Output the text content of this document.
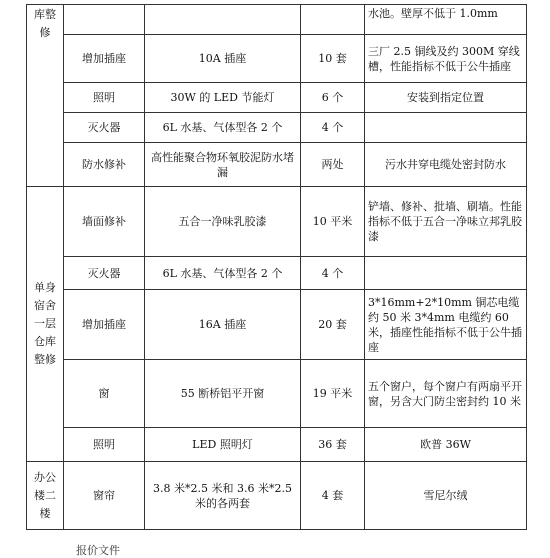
库整
修				水池。壁厚不低于 1.0mm
	增加插座	10A 插座	10 套	三厂 2.5 铜线及约 300M 穿线槽，性能指标不低于公牛插座
	照明	30W 的 LED 节能灯	6 个	安装到指定位置
	灭火器	6L 水基、气体型各 2 个	4 个	
	防水修补	高性能聚合物环氧胶泥防水堵漏	两处	污水井穿电缆处密封防水
单身
宿舍
一层
仓库
整修	墙面修补	五合一净味乳胶漆	10 平米	铲墙、修补、批墙、刷墙。性能指标不低于五合一净味立邦乳胶漆
	灭火器	6L 水基、气体型各 2 个	4 个	
	增加插座	16A 插座	20 套	3*16mm+2*10mm 铜芯电缆约 50 米 3*4mm 电缆约 60 米，插座性能指标不低于公牛插座
	窗	55 断桥铝平开窗	19 平米	五个窗户，每个窗户有两扇平开窗，另含大门防尘密封约 10 米
	照明	LED 照明灯	36 套	欧普 36W
办公
楼二
楼	窗帘	3.8 米*2.5 米和 3.6 米*2.5 米的各两套	4 套	雪尼尔绒
报价文件
